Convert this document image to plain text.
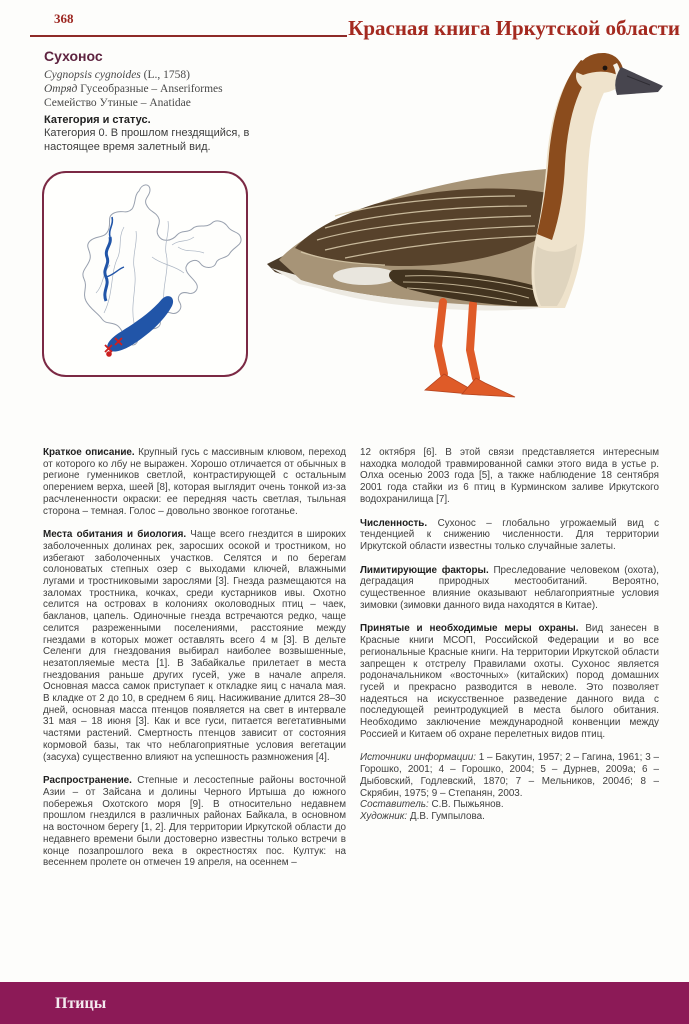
368	Красная книга Иркутской области
Сухонос
Cygnopsis cygnoides (L., 1758)
Отряд Гусеобразные – Anseriformes
Семейство Утиные – Anatidae
Категория и статус.
Категория 0. В прошлом гнездящийся, в настоящее время залетный вид.

Краткое описание. Крупный гусь с массивным клювом, переход от которого ко лбу не выражен. Хорошо отличается от обычных в регионе гуменников светлой, контрастирующей с остальным оперением верха, шеей [8], которая выглядит очень тонкой из-за расчлененности окраски: ее передняя часть светлая, тыльная сторона – темная. Голос – довольно звонкое гоготанье.

Места обитания и биология. Чаще всего гнездится в широких заболоченных долинах рек, заросших осокой и тростником, но избегают заболоченных участков. Селятся и по берегам солоноватых степных озер с выходами ключей, влажными лугами и тростниковыми зарослями [3]. Гнезда размещаются на заломах тростника, кочках, среди кустарников ивы. Охотно селится на островах в колониях околоводных птиц – чаек, бакланов, цапель. Одиночные гнезда встречаются редко, чаще селится разреженными поселениями, расстояние между гнездами в которых может оставлять всего 4 м [3]. В дельте Селенги для гнездования выбирал наиболее возвышенные, незатопляемые места [1]. В Забайкалье прилетает в места гнездования раньше других гусей, уже в начале апреля. Основная масса самок приступает к откладке яиц с начала мая. В кладке от 2 до 10, в среднем 6 яиц. Насиживание длится 28–30 дней, основная масса птенцов появляется на свет в интервале 31 мая – 18 июня [3]. Как и все гуси, питается вегетативными частями растений. Смертность птенцов зависит от состояния кормовой базы, так что неблагоприятные условия вегетации (засуха) существенно влияют на успешность размножения [4].

Распространение. Степные и лесостепные районы восточной Азии – от Зайсана и долины Черного Иртыша до южного побережья Охотского моря [9]. В относительно недавнем прошлом гнездился в различных районах Байкала, в основном на восточном берегу [1, 2]. Для территории Иркутской области до недавнего времени были достоверно известны только встречи в конце позапрошлого века в окрестностях пос. Култук: на весеннем пролете он отмечен 19 апреля, на осеннем –

12 октября [6]. В этой связи представляется интересным находка молодой травмированной самки этого вида в устье р. Олха осенью 2003 года [5], а также наблюдение 18 сентября 2001 года стайки из 6 птиц в Курминском заливе Иркутского водохранилища [7].

Численность. Сухонос – глобально угрожаемый вид с тенденцией к снижению численности. Для территории Иркутской области известны только случайные залеты.

Лимитирующие факторы. Преследование человеком (охота), деградация природных местообитаний. Вероятно, существенное влияние оказывают неблагоприятные условия зимовки (зимовки данного вида находятся в Китае).

Принятые и необходимые меры охраны. Вид занесен в Красные книги МСОП, Российской Федерации и во все региональные Красные книги. На территории Иркутской области запрещен к отстрелу Правилами охоты. Сухонос является родоначальником «восточных» (китайских) пород домашних гусей и прекрасно разводится в неволе. Это позволяет надеяться на искусственное разведение данного вида с последующей реинтродукцией в места былого обитания. Необходимо заключение международной конвенции между Россией и Китаем об охране перелетных видов птиц.

Источники информации: 1 – Бакутин, 1957; 2 – Гагина, 1961; 3 – Горошко, 2001; 4 – Горошко, 2004; 5 – Дурнев, 2009а; 6 – Дыбовский, Годлевский, 1870; 7 – Мельников, 2004б; 8 – Скрябин, 1975; 9 – Степанян, 2003.

Составитель: С.В. Пыжьянов.

Художник: Д.В. Гумпылова.

Птицы
